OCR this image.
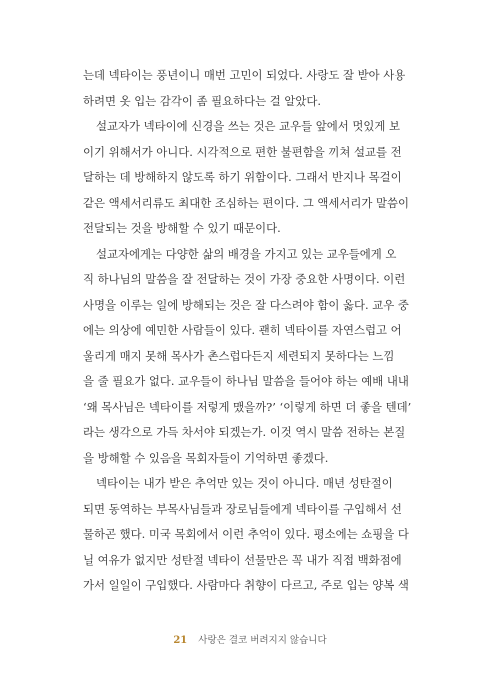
는데 넥타이는 풍년이니 매번 고민이 되었다. 사랑도 잘 받아 사용
하려면 옷 입는 감각이 좀 필요하다는 걸 알았다.
설교자가 넥타이에 신경을 쓰는 것은 교우들 앞에서 멋있게 보
이기 위해서가 아니다. 시각적으로 편한 불편함을 끼쳐 설교를 전
달하는 데 방해하지 않도록 하기 위함이다. 그래서 반지나 목걸이
같은 액세서리류도 최대한 조심하는 편이다. 그 액세서리가 말씀이
전달되는 것을 방해할 수 있기 때문이다.
설교자에게는 다양한 삶의 배경을 가지고 있는 교우들에게 오
직 하나님의 말씀을 잘 전달하는 것이 가장 중요한 사명이다. 이런
사명을 이루는 일에 방해되는 것은 잘 다스려야 함이 옳다. 교우 중
에는 의상에 예민한 사람들이 있다. 괜히 넥타이를 자연스럽고 어
울리게 매지 못해 목사가 촌스럽다든지 세련되지 못하다는 느낌
을 줄 필요가 없다. 교우들이 하나님 말씀을 들어야 하는 예배 내내
‘왜 목사님은 넥타이를 저렇게 맸을까?’ ‘이렇게 하면 더 좋을 텐데’
라는 생각으로 가득 차서야 되겠는가. 이것 역시 말씀 전하는 본질
을 방해할 수 있음을 목회자들이 기억하면 좋겠다.
넥타이는 내가 받은 추억만 있는 것이 아니다. 매년 성탄절이
되면 동역하는 부목사님들과 장로님들에게 넥타이를 구입해서 선
물하곤 했다. 미국 목회에서 이런 추억이 있다. 평소에는 쇼핑을 다
닐 여유가 없지만 성탄절 넥타이 선물만은 꼭 내가 직접 백화점에
가서 일일이 구입했다. 사람마다 취향이 다르고, 주로 입는 양복 색
21 사랑은 결코 버려지지 않습니다
